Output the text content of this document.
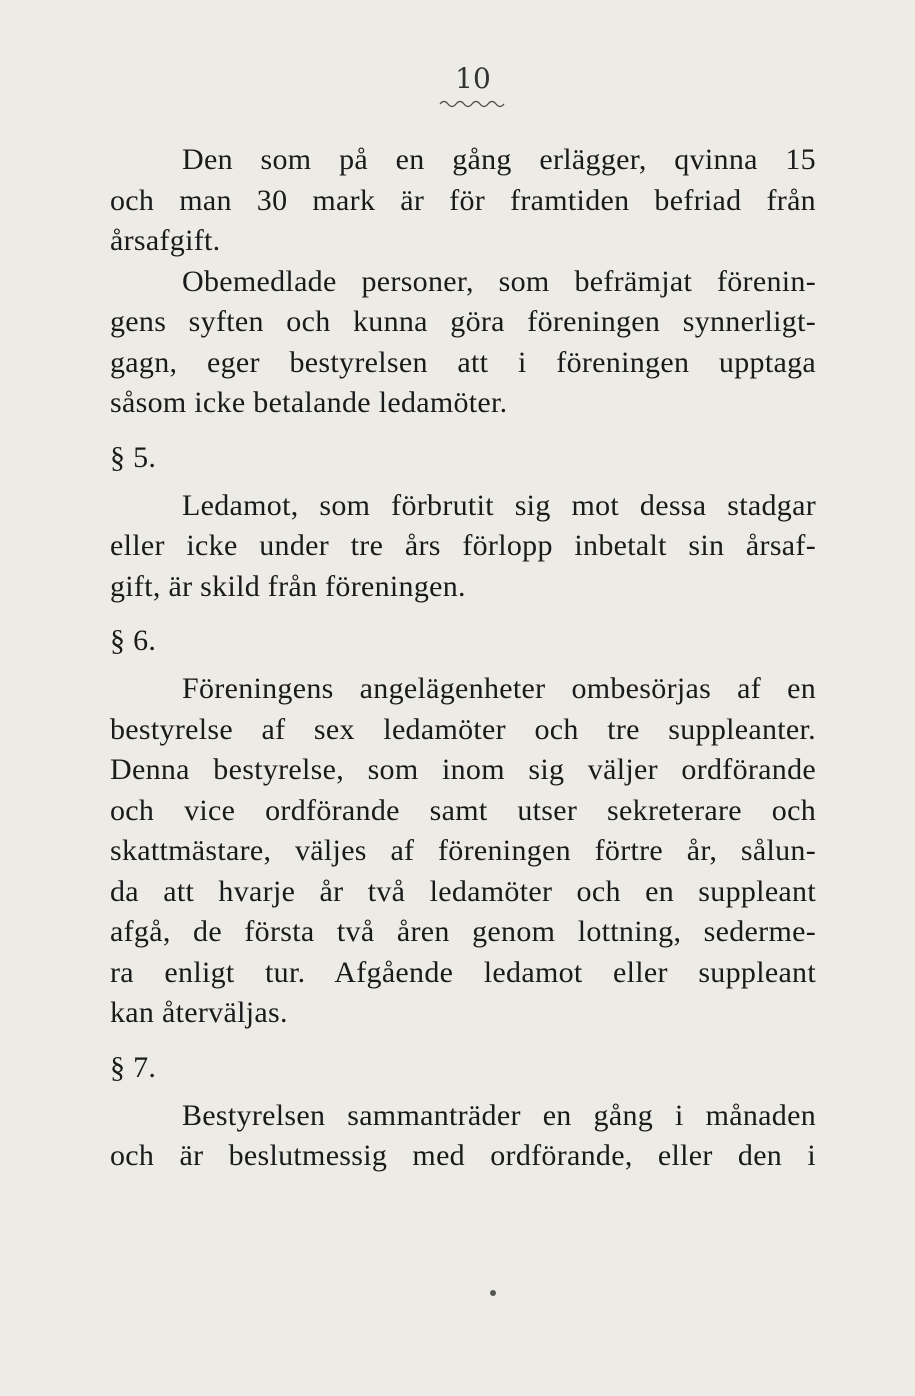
10

Den som på en gång erlägger, qvinna 15
och man 30 mark är för framtiden befriad från
årsafgift.

Obemedlade personer, som befrämjat förenin-
gens syften och kunna göra föreningen synnerligt-
gagn, eger bestyrelsen att i föreningen upptaga
såsom icke betalande ledamöter.

§ 5.

Ledamot, som förbrutit sig mot dessa stadgar
eller icke under tre års förlopp inbetalt sin årsaf-
gift, är skild från föreningen.

§ 6.

Föreningens angelägenheter ombesörjas af en
bestyrelse af sex ledamöter och tre suppleanter.
Denna bestyrelse, som inom sig väljer ordförande
och vice ordförande samt utser sekreterare och
skattmästare, väljes af föreningen förtre år, sålun-
da att hvarje år två ledamöter och en suppleant
afgå, de första två åren genom lottning, sederme-
ra enligt tur. Afgående ledamot eller suppleant
kan återväljas.

§ 7.

Bestyrelsen sammanträder en gång i månaden
och är beslutmessig med ordförande, eller den i
